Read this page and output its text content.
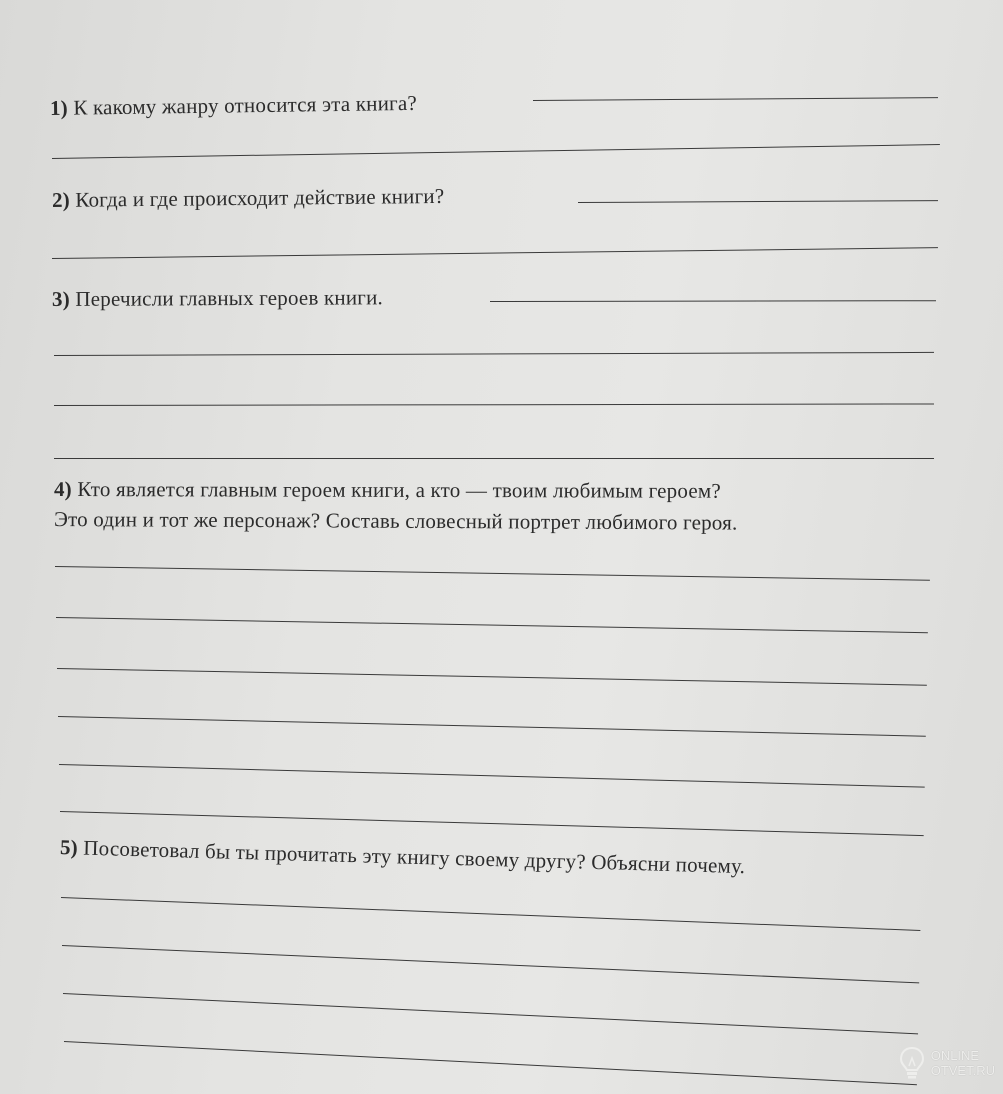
1) К какому жанру относится эта книга?
2) Когда и где происходит действие книги?
3) Перечисли главных героев книги.
4) Кто является главным героем книги, а кто — твоим любимым героем?
Это один и тот же персонаж? Составь словесный портрет любимого героя.
5) Посоветовал бы ты прочитать эту книгу своему другу? Объясни почему.
ONLINE
OTVET.RU
